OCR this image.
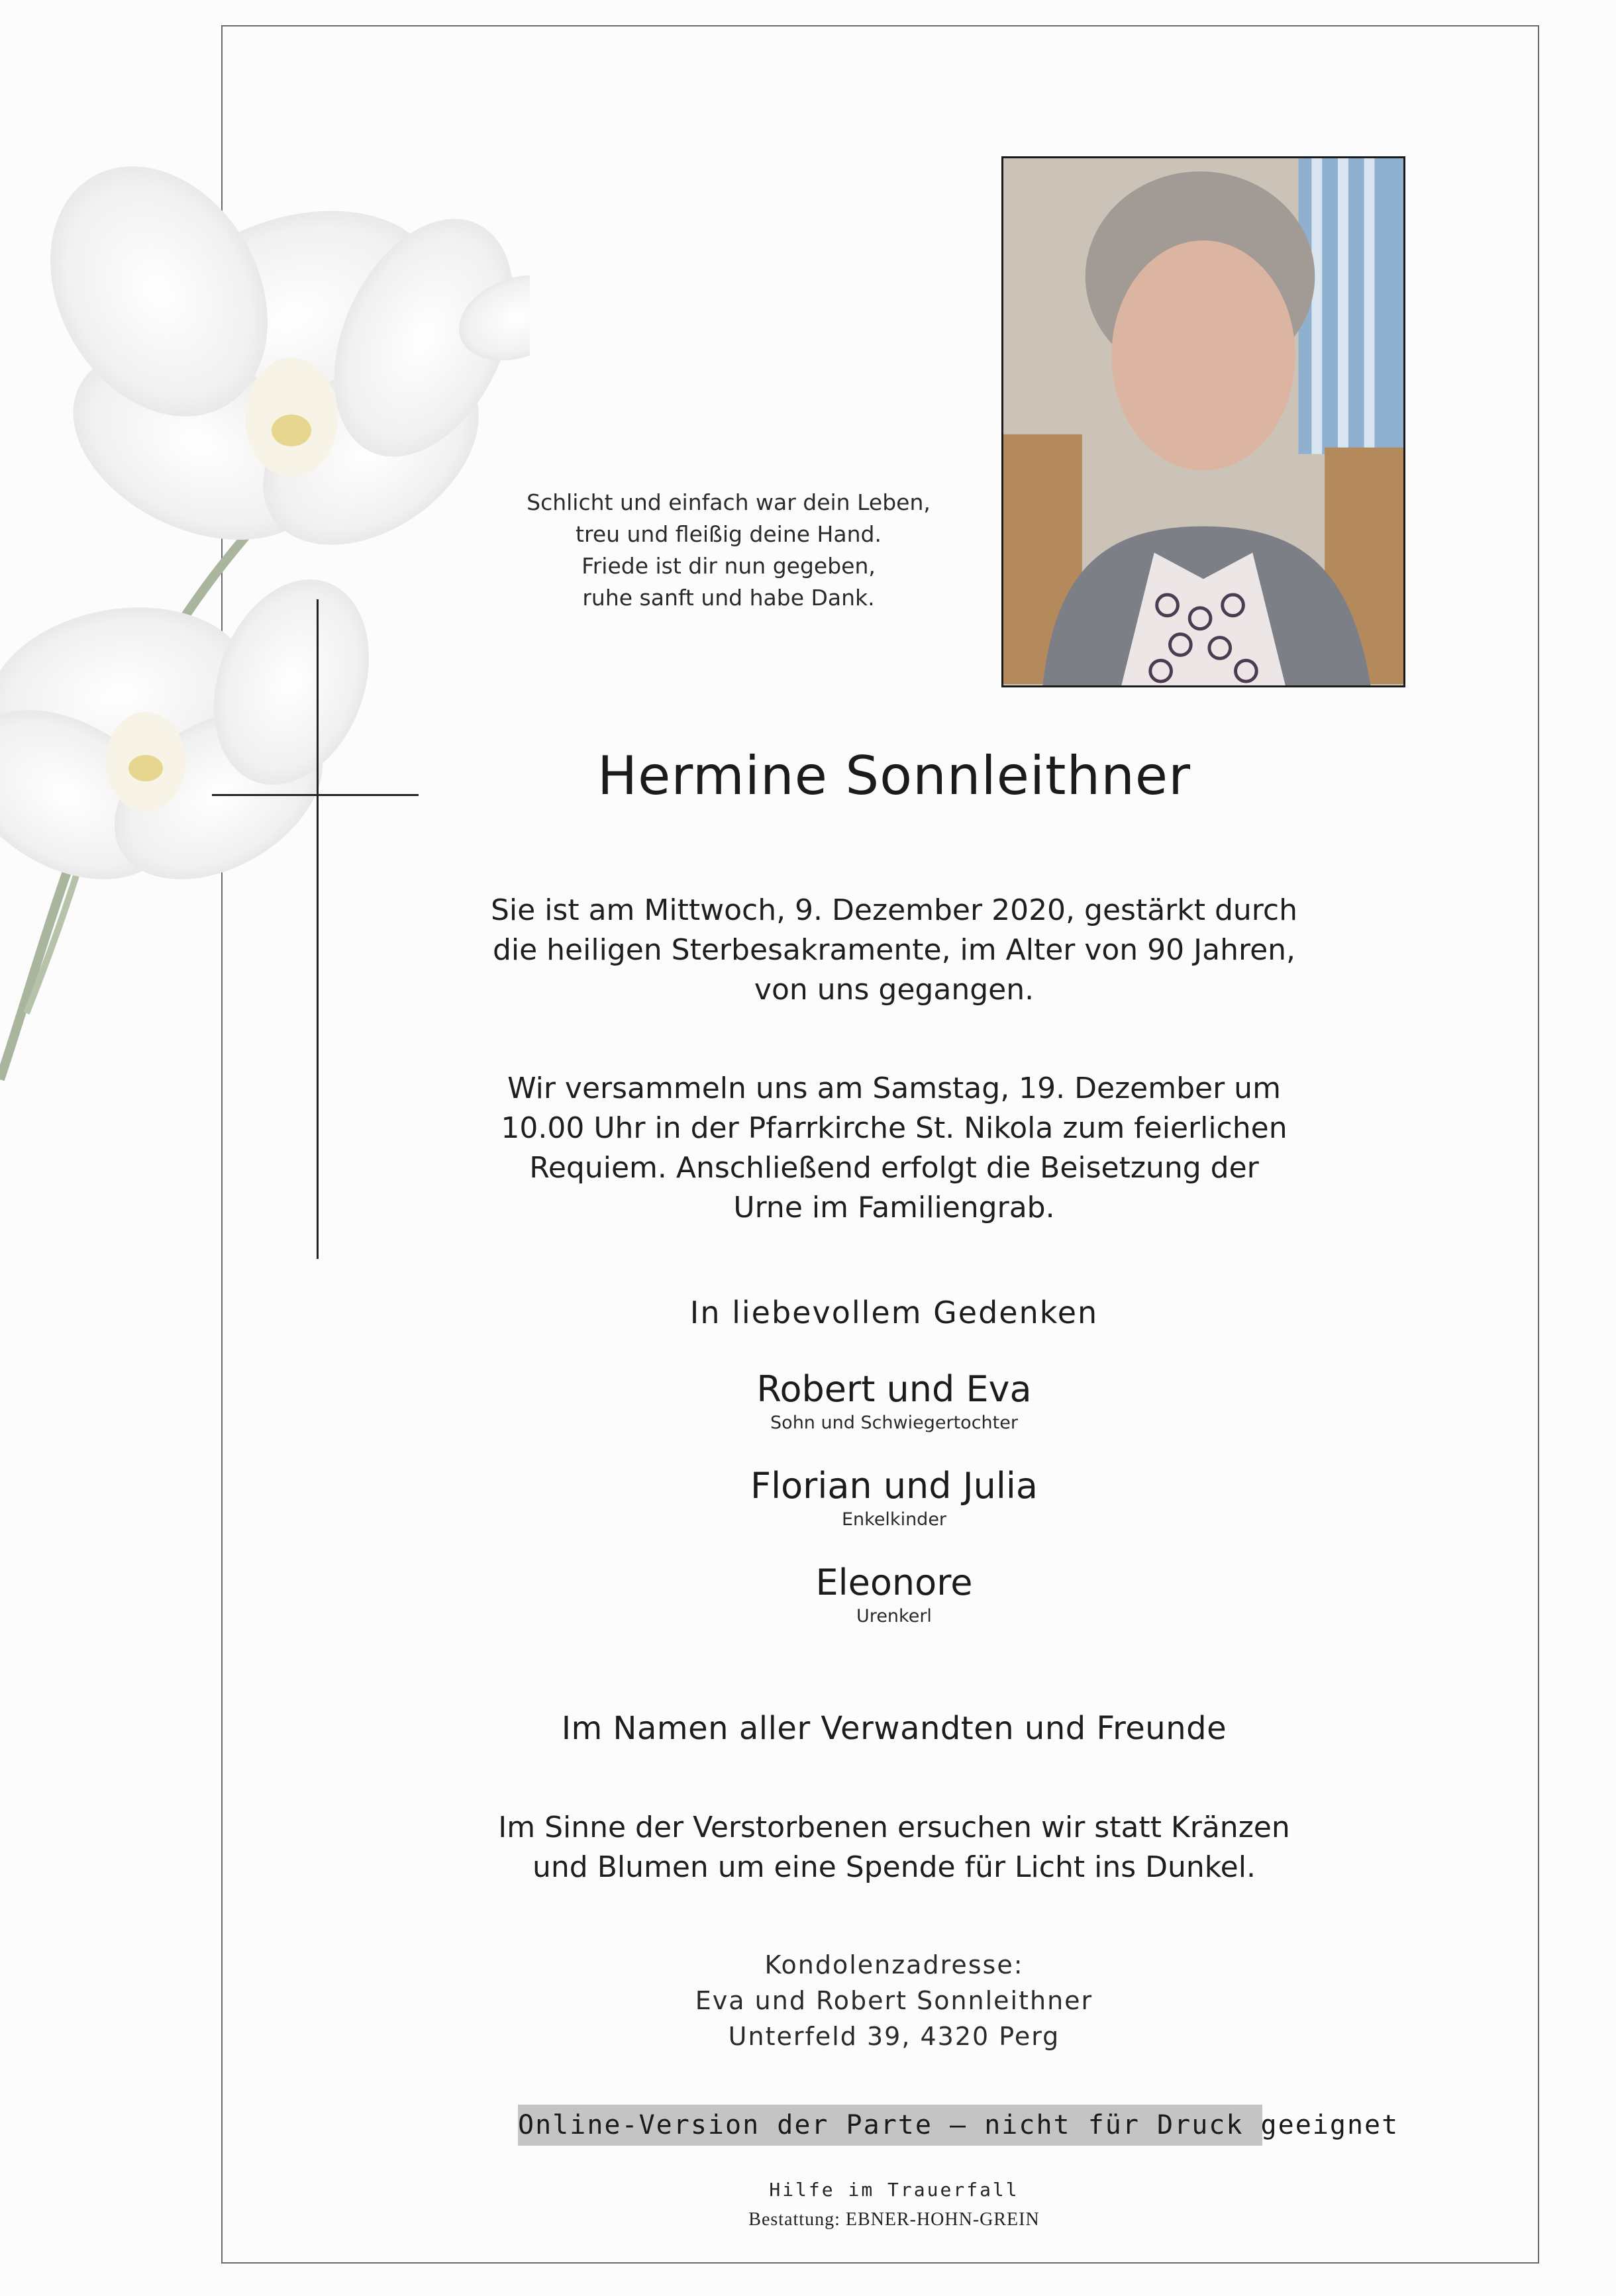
Schlicht und einfach war dein Leben,
treu und fleißig deine Hand.
Friede ist dir nun gegeben,
ruhe sanft und habe Dank.
Hermine Sonnleithner
Sie ist am Mittwoch, 9. Dezember 2020, gestärkt durch
die heiligen Sterbesakramente, im Alter von 90 Jahren,
von uns gegangen.
Wir versammeln uns am Samstag, 19. Dezember um
10.00 Uhr in der Pfarrkirche St. Nikola zum feierlichen
Requiem. Anschließend erfolgt die Beisetzung der
Urne im Familiengrab.
In liebevollem Gedenken
Robert und Eva
Sohn und Schwiegertochter
Florian und Julia
Enkelkinder
Eleonore
Urenkerl
Im Namen aller Verwandten und Freunde
Im Sinne der Verstorbenen ersuchen wir statt Kränzen
und Blumen um eine Spende für Licht ins Dunkel.
Kondolenzadresse:
Eva und Robert Sonnleithner
Unterfeld 39, 4320 Perg
Online-Version der Parte – nicht für Druck geeignet
Hilfe im Trauerfall
Bestattung: EBNER-HOHN-GREIN
